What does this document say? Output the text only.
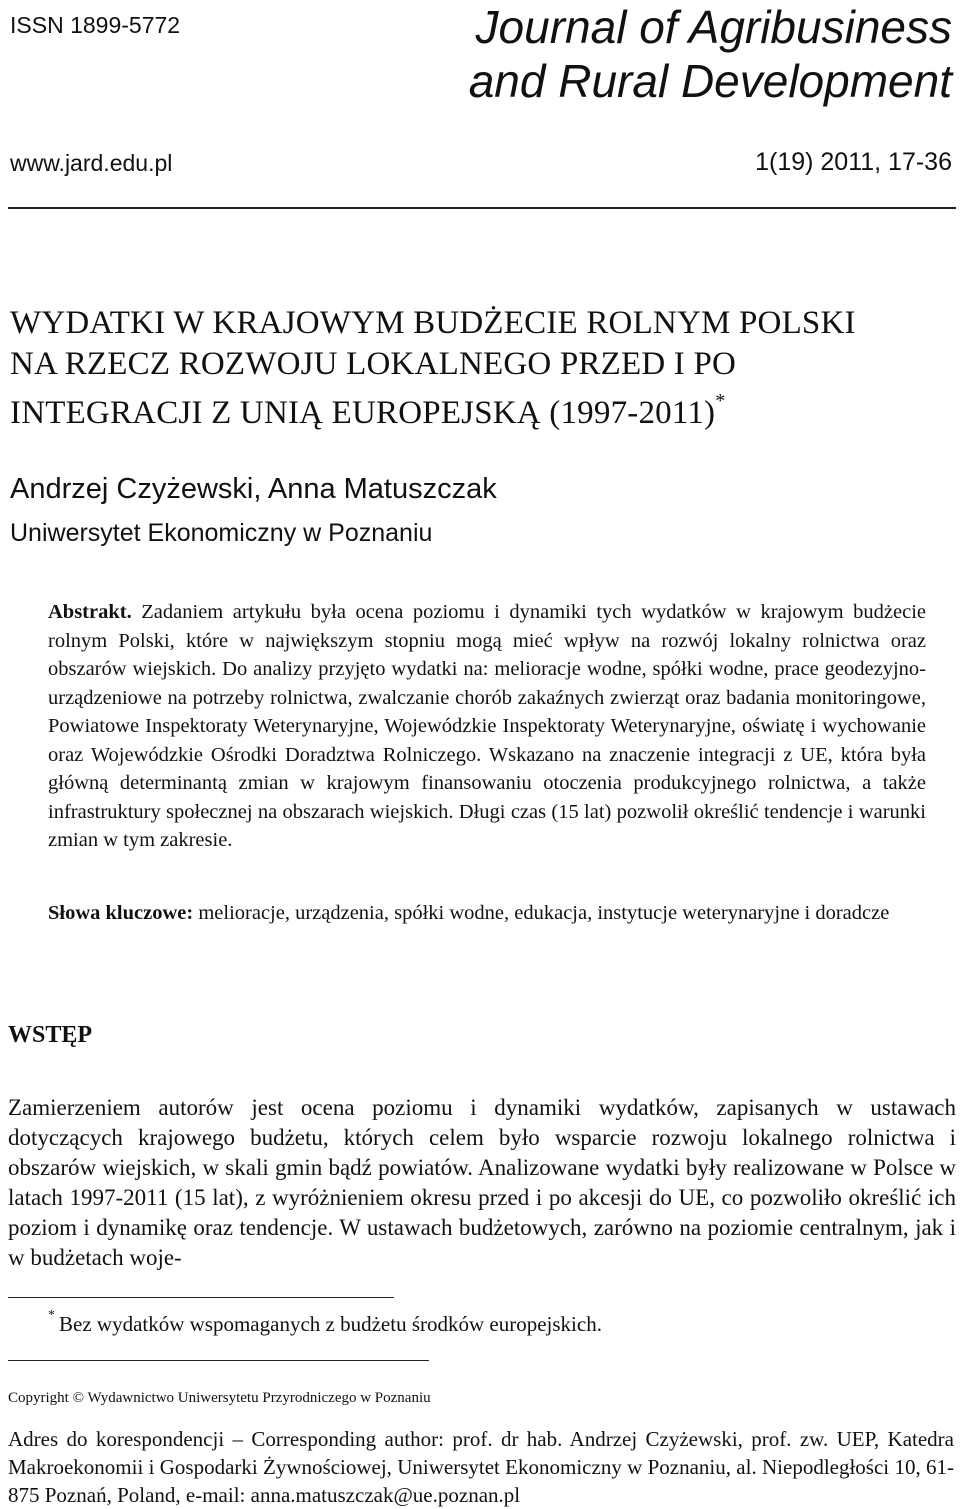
ISSN 1899-5772	Journal of Agribusiness
and Rural Development
www.jard.edu.pl	1(19) 2011, 17-36
WYDATKI W KRAJOWYM BUDŻECIE ROLNYM POLSKI
NA RZECZ ROZWOJU LOKALNEGO PRZED I PO
INTEGRACJI Z UNIĄ EUROPEJSKĄ (1997-2011)*
Andrzej Czyżewski, Anna Matuszczak
Uniwersytet Ekonomiczny w Poznaniu
Abstrakt. Zadaniem artykułu była ocena poziomu i dynamiki tych wydatków w krajowym budżecie rolnym Polski, które w największym stopniu mogą mieć wpływ na rozwój lokalny rolnictwa oraz obszarów wiejskich. Do analizy przyjęto wydatki na: melioracje wodne, spółki wodne, prace geodezyjno-urządzeniowe na potrzeby rolnictwa, zwalczanie chorób zakaźnych zwierząt oraz badania monitoringowe, Powiatowe Inspektoraty Weterynaryjne, Wojewódzkie Inspektoraty Weterynaryjne, oświatę i wychowanie oraz Wojewódzkie Ośrodki Doradztwa Rolniczego. Wskazano na znaczenie integracji z UE, która była główną determinantą zmian w krajowym finansowaniu otoczenia produkcyjnego rolnictwa, a także infrastruktury społecznej na obszarach wiejskich. Długi czas (15 lat) pozwolił określić tendencje i warunki zmian w tym zakresie.
Słowa kluczowe: melioracje, urządzenia, spółki wodne, edukacja, instytucje weterynaryjne i doradcze
WSTĘP
Zamierzeniem autorów jest ocena poziomu i dynamiki wydatków, zapisanych w ustawach dotyczących krajowego budżetu, których celem było wsparcie rozwoju lokalnego rolnictwa i obszarów wiejskich, w skali gmin bądź powiatów. Analizowane wydatki były realizowane w Polsce w latach 1997-2011 (15 lat), z wyróżnieniem okresu przed i po akcesji do UE, co pozwoliło określić ich poziom i dynamikę oraz tendencje. W ustawach budżetowych, zarówno na poziomie centralnym, jak i w budżetach woje-
* Bez wydatków wspomaganych z budżetu środków europejskich.
Copyright © Wydawnictwo Uniwersytetu Przyrodniczego w Poznaniu
Adres do korespondencji – Corresponding author: prof. dr hab. Andrzej Czyżewski, prof. zw. UEP, Katedra Makroekonomii i Gospodarki Żywnościowej, Uniwersytet Ekonomiczny w Poznaniu, al. Niepodległości 10, 61-875 Poznań, Poland, e-mail: anna.matuszczak@ue.poznan.pl
